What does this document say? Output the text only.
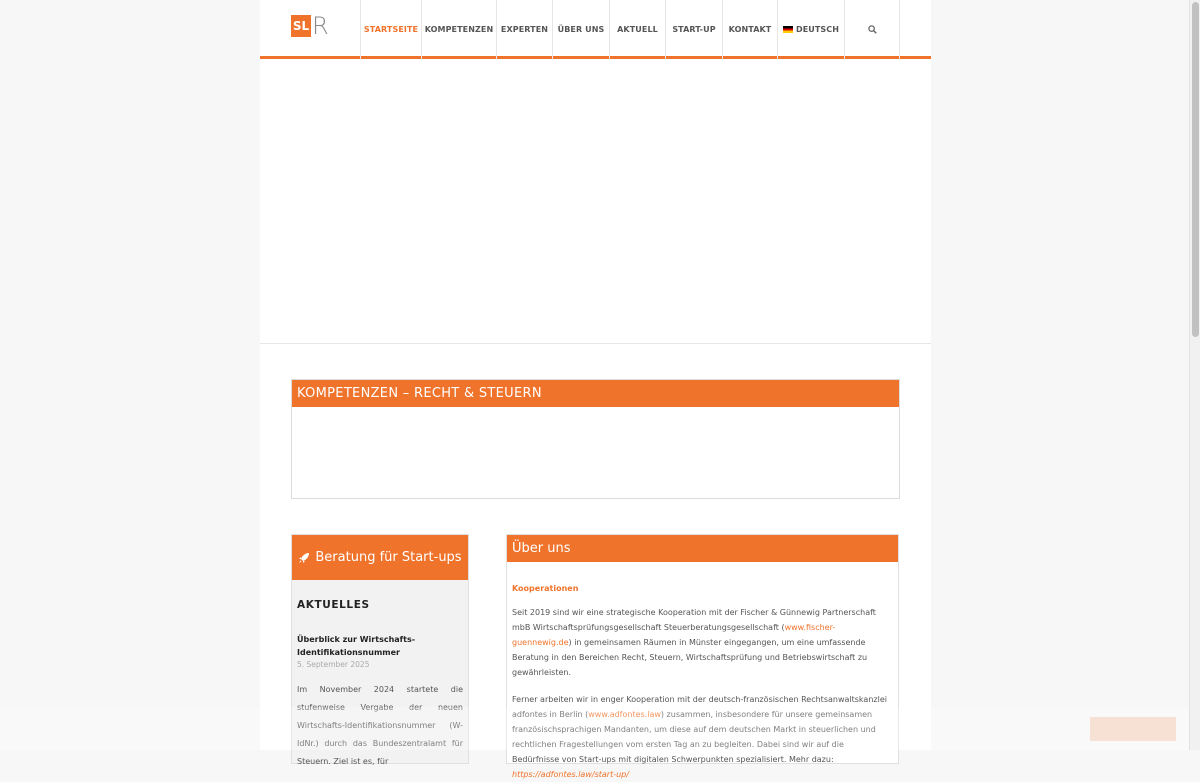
SL R	STARTSEITE KOMPETENZEN EXPERTEN ÜBER UNS AKTUELL START-UP KONTAKT	DEUTSCH
KOMPETENZEN – RECHT & STEUERN
Beratung für Start-ups
AKTUELLES
Überblick zur Wirtschafts-Identifikationsnummer
5. September 2025
Im November 2024 startete die stufenweise Vergabe der neuen Wirtschafts-Identifikationsnummer (W-IdNr.) durch das Bundeszentralamt für Steuern. Ziel ist es, für
Über uns
Kooperationen

Seit 2019 sind wir eine strategische Kooperation mit der Fischer & Günnewig Partnerschaft mbB Wirtschaftsprüfungsgesellschaft Steuerberatungsgesellschaft (www.fischer-guennewig.de) in gemeinsamen Räumen in Münster eingegangen, um eine umfassende Beratung in den Bereichen Recht, Steuern, Wirtschaftsprüfung und Betriebswirtschaft zu gewährleisten.

Ferner arbeiten wir in enger Kooperation mit der deutsch-französischen Rechtsanwaltskanzlei adfontes in Berlin (www.adfontes.law) zusammen, insbesondere für unsere gemeinsamen französischsprachigen Mandanten, um diese auf dem deutschen Markt in steuerlichen und rechtlichen Fragestellungen vom ersten Tag an zu begleiten. Dabei sind wir auf die Bedürfnisse von Start-ups mit digitalen Schwerpunkten spezialisiert. Mehr dazu: https://adfontes.law/start-up/
